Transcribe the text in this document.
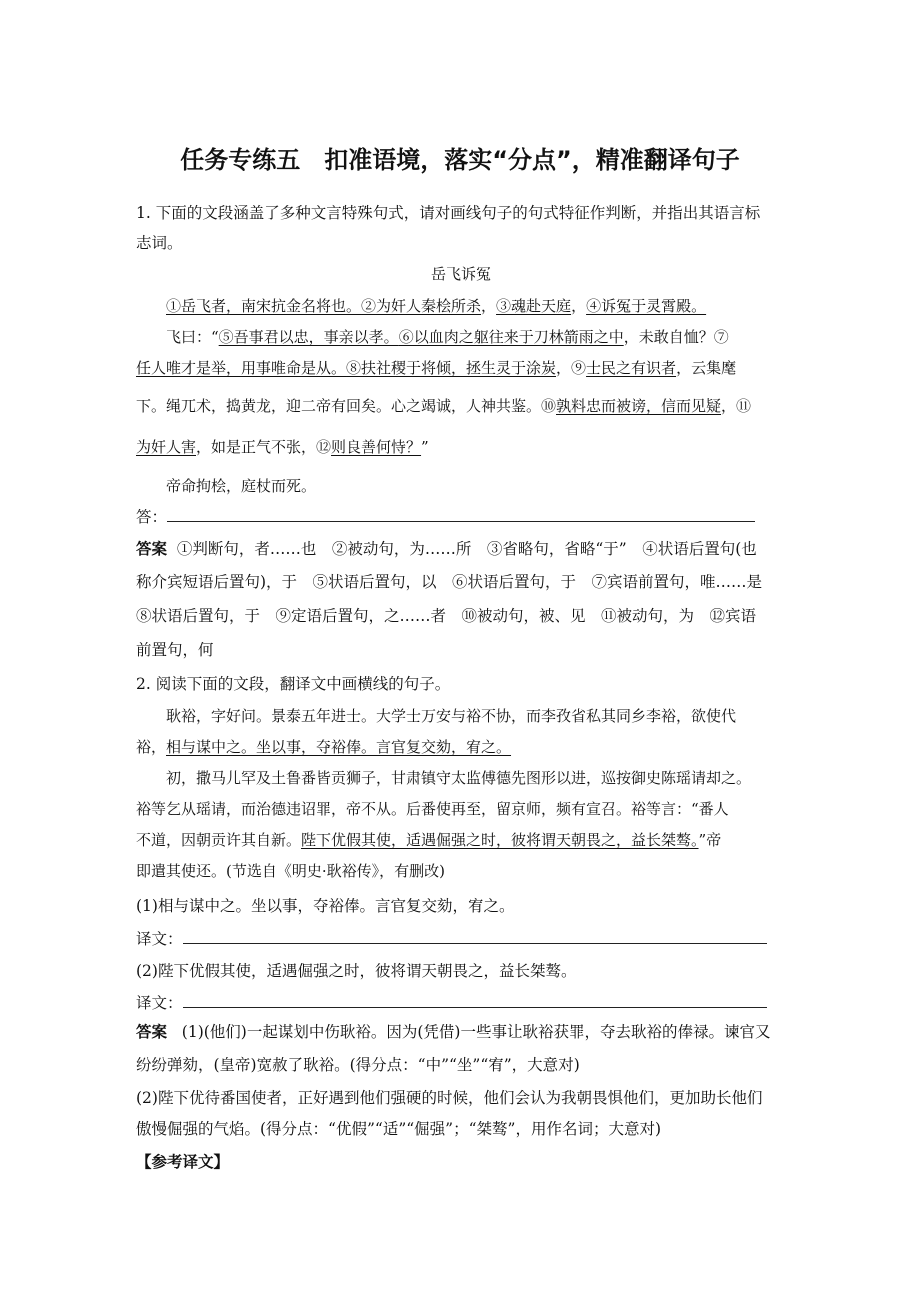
任务专练五　扣准语境，落实“分点”，精准翻译句子
1. 下面的文段涵盖了多种文言特殊句式，请对画线句子的句式特征作判断，并指出其语言标
志词。
岳飞诉冤
①岳飞者，南宋抗金名将也。②为奸人秦桧所杀，③魂赴天庭，④诉冤于灵霄殿。
飞曰：“⑤吾事君以忠，事亲以孝。⑥以血肉之躯往来于刀林箭雨之中，未敢自恤？⑦
任人唯才是举，用事唯命是从。⑧扶社稷于将倾，拯生灵于涂炭，⑨士民之有识者，云集麾
下。绳兀术，捣黄龙，迎二帝有回矣。心之竭诚，人神共鉴。⑩孰料忠而被谤，信而见疑，⑪
为奸人害，如是正气不张，⑫则良善何恃？”
帝命拘桧，庭杖而死。
答：
答案 ①判断句，者……也　②被动句，为……所　③省略句，省略“于”　④状语后置句(也
称介宾短语后置句)，于　⑤状语后置句，以　⑥状语后置句，于　⑦宾语前置句，唯……是
⑧状语后置句，于　⑨定语后置句，之……者　⑩被动句，被、见　⑪被动句，为　⑫宾语
前置句，何
2. 阅读下面的文段，翻译文中画横线的句子。
耿裕，字好问。景泰五年进士。大学士万安与裕不协，而李孜省私其同乡李裕，欲使代
裕，相与谋中之。坐以事，夺裕俸。言官复交劾，宥之。
初，撒马儿罕及土鲁番皆贡狮子，甘肃镇守太监傅德先图形以进，巡按御史陈瑶请却之。
裕等乞从瑶请，而治德违诏罪，帝不从。后番使再至，留京师，频有宣召。裕等言：“番人
不道，因朝贡许其自新。陛下优假其使，适遇倔强之时，彼将谓天朝畏之，益长桀骜。”帝
即遣其使还。(节选自《明史·耿裕传》，有删改)
(1)相与谋中之。坐以事，夺裕俸。言官复交劾，宥之。
译文：
(2)陛下优假其使，适遇倔强之时，彼将谓天朝畏之，益长桀骜。
译文：
答案 (1)(他们)一起谋划中伤耿裕。因为(凭借)一些事让耿裕获罪，夺去耿裕的俸禄。谏官又
纷纷弹劾，(皇帝)宽赦了耿裕。(得分点：“中”“坐”“宥”，大意对)
(2)陛下优待番国使者，正好遇到他们强硬的时候，他们会认为我朝畏惧他们，更加助长他们
傲慢倔强的气焰。(得分点：“优假”“适”“倔强”；“桀骜”，用作名词；大意对)
【参考译文】
